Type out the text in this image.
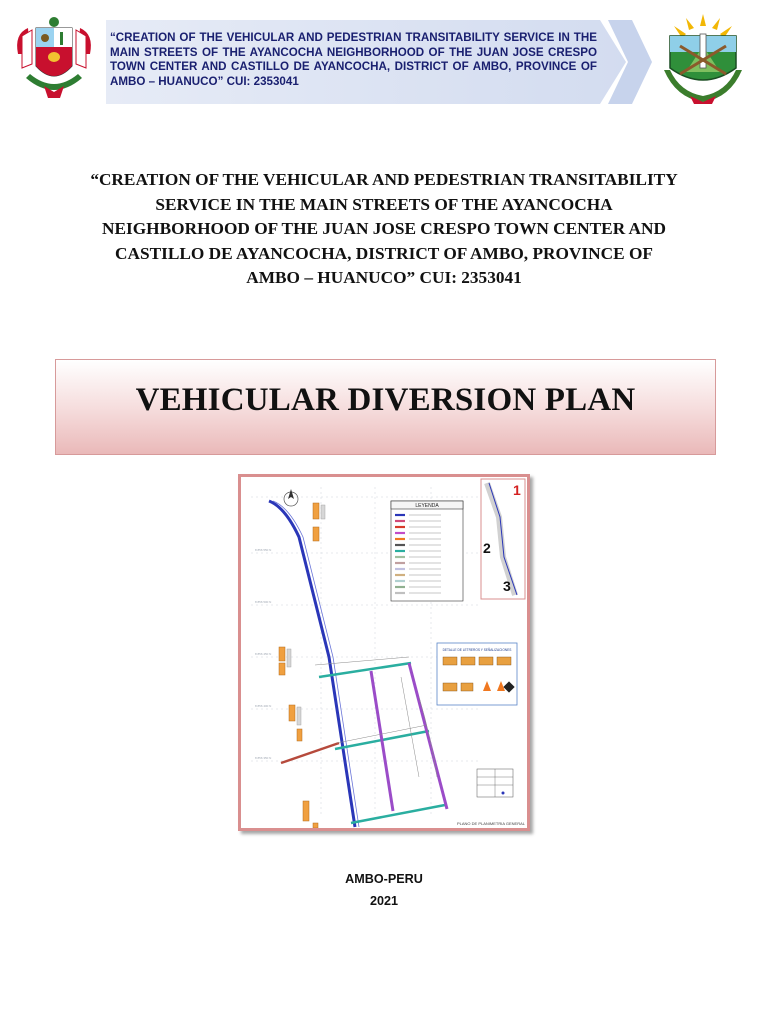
“CREATION OF THE VEHICULAR AND PEDESTRIAN TRANSITABILITY SERVICE IN THE MAIN STREETS OF THE AYANCOCHA NEIGHBORHOOD OF THE JUAN JOSE CRESPO TOWN CENTER AND CASTILLO DE AYANCOCHA, DISTRICT OF AMBO, PROVINCE OF AMBO – HUANUCO” CUI: 2353041
“CREATION OF THE VEHICULAR AND PEDESTRIAN TRANSITABILITY SERVICE IN THE MAIN STREETS OF THE AYANCOCHA NEIGHBORHOOD OF THE JUAN JOSE CRESPO TOWN CENTER AND CASTILLO DE AYANCOCHA, DISTRICT OF AMBO, PROVINCE OF AMBO – HUANUCO” CUI: 2353041
VEHICULAR DIVERSION PLAN
8 856 550 N
8 856 500 N
8 856 450 N
8 856 400 N
8 856 350 N
LEYENDA
1
2
3
DETALLE DE LETREROS Y SEÑALIZACIONES
PLANO DE PLANIMETRIA GENERAL
AMBO-PERU
2021
